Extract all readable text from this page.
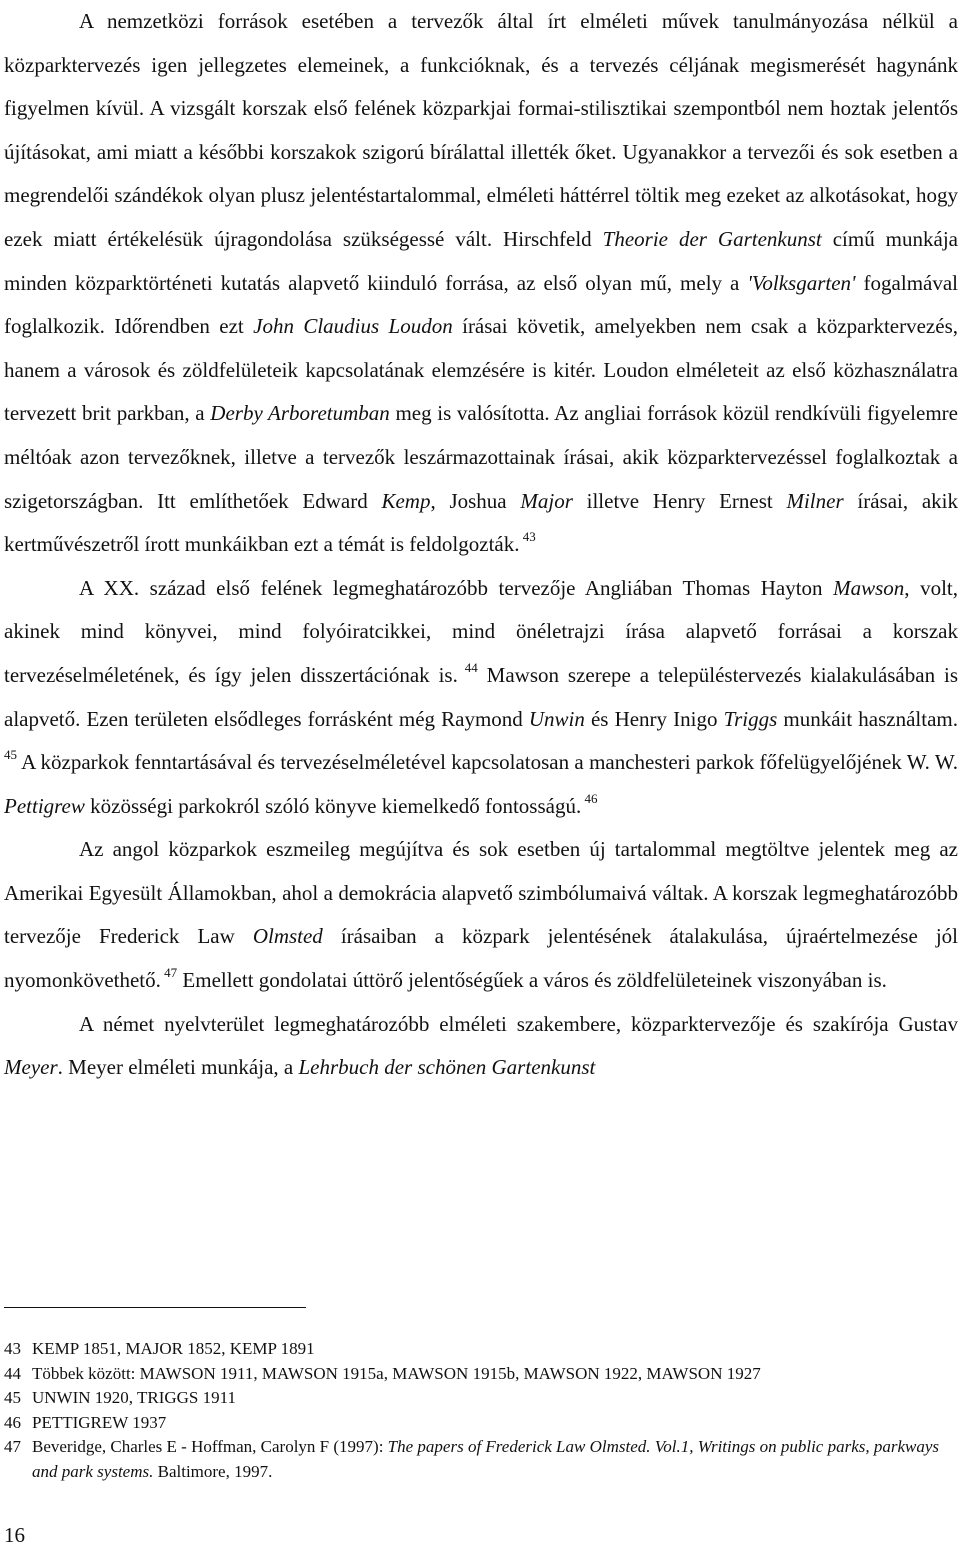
A nemzetközi források esetében a tervezők által írt elméleti művek tanulmányozása nélkül a közparktervezés igen jellegzetes elemeinek, a funkcióknak, és a tervezés céljának megismerését hagynánk figyelmen kívül. A vizsgált korszak első felének közparkjai formai-stilisztikai szempontból nem hoztak jelentős újításokat, ami miatt a későbbi korszakok szigorú bírálattal illették őket. Ugyanakkor a tervezői és sok esetben a megrendelői szándékok olyan plusz jelentéstartalommal, elméleti háttérrel töltik meg ezeket az alkotásokat, hogy ezek miatt értékelésük újragondolása szükségessé vált. Hirschfeld Theorie der Gartenkunst című munkája minden közparktörténeti kutatás alapvető kiinduló forrása, az első olyan mű, mely a 'Volksgarten' fogalmával foglalkozik. Időrendben ezt John Claudius Loudon írásai követik, amelyekben nem csak a közparktervezés, hanem a városok és zöldfelületeik kapcsolatának elemzésére is kitér. Loudon elméleteit az első közhasználatra tervezett brit parkban, a Derby Arboretumban meg is valósította. Az angliai források közül rendkívüli figyelemre méltóak azon tervezőknek, illetve a tervezők leszármazottainak írásai, akik közparktervezéssel foglalkoztak a szigetországban. Itt említhetőek Edward Kemp, Joshua Major illetve Henry Ernest Milner írásai, akik kertművészetről írott munkáikban ezt a témát is feldolgozták. $^{43}$

A XX. század első felének legmeghatározóbb tervezője Angliában Thomas Hayton Mawson, volt, akinek mind könyvei, mind folyóiratcikkei, mind önéletrajzi írása alapvető forrásai a korszak tervezéselméletének, és így jelen disszertációnak is. $^{44}$ Mawson szerepe a településtervezés kialakulásában is alapvető. Ezen területen elsődleges forrásként még Raymond Unwin és Henry Inigo Triggs munkáit használtam. $^{45}$ A közparkok fenntartásával és tervezéselméletével kapcsolatosan a manchesteri parkok főfelügyelőjének W. W. Pettigrew közösségi parkokról szóló könyve kiemelkedő fontosságú. $^{46}$

Az angol közparkok eszmeileg megújítva és sok esetben új tartalommal megtöltve jelentek meg az Amerikai Egyesült Államokban, ahol a demokrácia alapvető szimbólumaivá váltak. A korszak legmeghatározóbb tervezője Frederick Law Olmsted írásaiban a közpark jelentésének átalakulása, újraértelmezése jól nyomonkövethető. $^{47}$ Emellett gondolatai úttörő jelentőségűek a város és zöldfelületeinek viszonyában is.

A német nyelvterület legmeghatározóbb elméleti szakembere, közparktervezője és szakírója Gustav Meyer. Meyer elméleti munkája, a Lehrbuch der schönen Gartenkunst

43 KEMP 1851, MAJOR 1852, KEMP 1891
44 Többek között: MAWSON 1911, MAWSON 1915a, MAWSON 1915b, MAWSON 1922, MAWSON 1927
45 UNWIN 1920, TRIGGS 1911
46 PETTIGREW 1937
47 Beveridge, Charles E - Hoffman, Carolyn F (1997): The papers of Frederick Law Olmsted. Vol.1, Writings on public parks, parkways and park systems. Baltimore, 1997.
16
